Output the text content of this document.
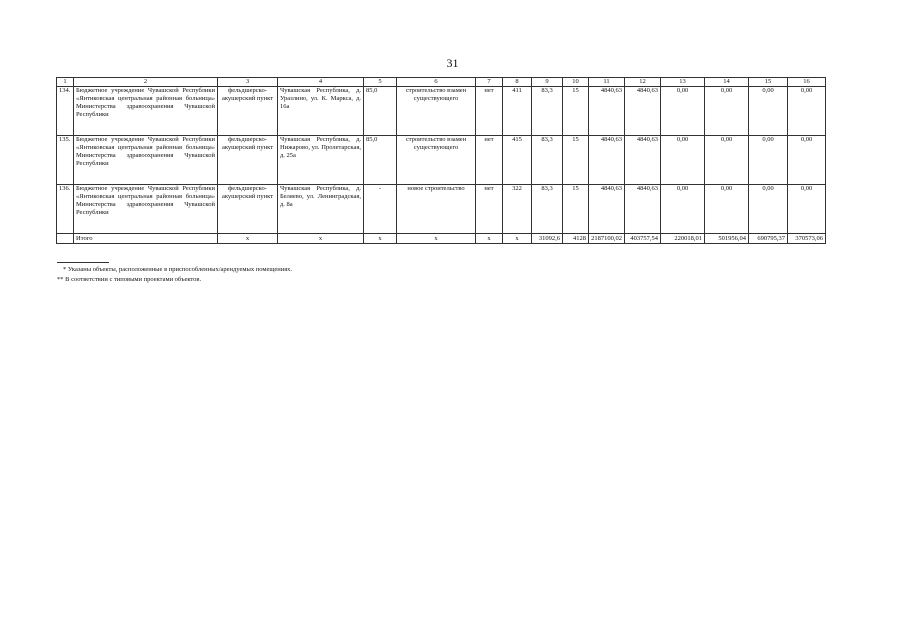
31
1	2	3	4	5	6	7	8	9	10	11	12	13	14	15	16
134.	Бюджетное учреждение Чувашской Республики «Янтиковская центральная районная больница» Министерства здравоохранения Чувашской Республики	фельдшерско-акушерский пункт	Чувашская Республика, д. Уразлино, ул. К. Маркса, д. 16а	85,0	строительство взамен существующего	нет	411	83,3	15	4840,63	4840,63	0,00	0,00	0,00	0,00
135.	Бюджетное учреждение Чувашской Республики «Янтиковская центральная районная больница» Министерства здравоохранения Чувашской Республики	фельдшерско-акушерский пункт	Чувашская Республика, д. Нижарово, ул. Пролетарская, д. 25а	85,0	строительство взамен существующего	нет	415	83,3	15	4840,63	4840,63	0,00	0,00	0,00	0,00
136.	Бюджетное учреждение Чувашской Республики «Янтиковская центральная районная больница» Министерства здравоохранения Чувашской Республики	фельдшерско-акушерский пункт	Чувашская Республика, д. Беляево, ул. Ленинградская, д. 8а	-	новое строительство	нет	322	83,3	15	4840,63	4840,63	0,00	0,00	0,00	0,00
	Итого	х	х	х	х	х	х	31092,6	4128	2187100,02	403757,54	220018,01	501956,04	690795,37	370573,06
* Указаны объекты, расположенные в приспособленных/арендуемых помещениях.
** В соответствии с типовыми проектами объектов.
